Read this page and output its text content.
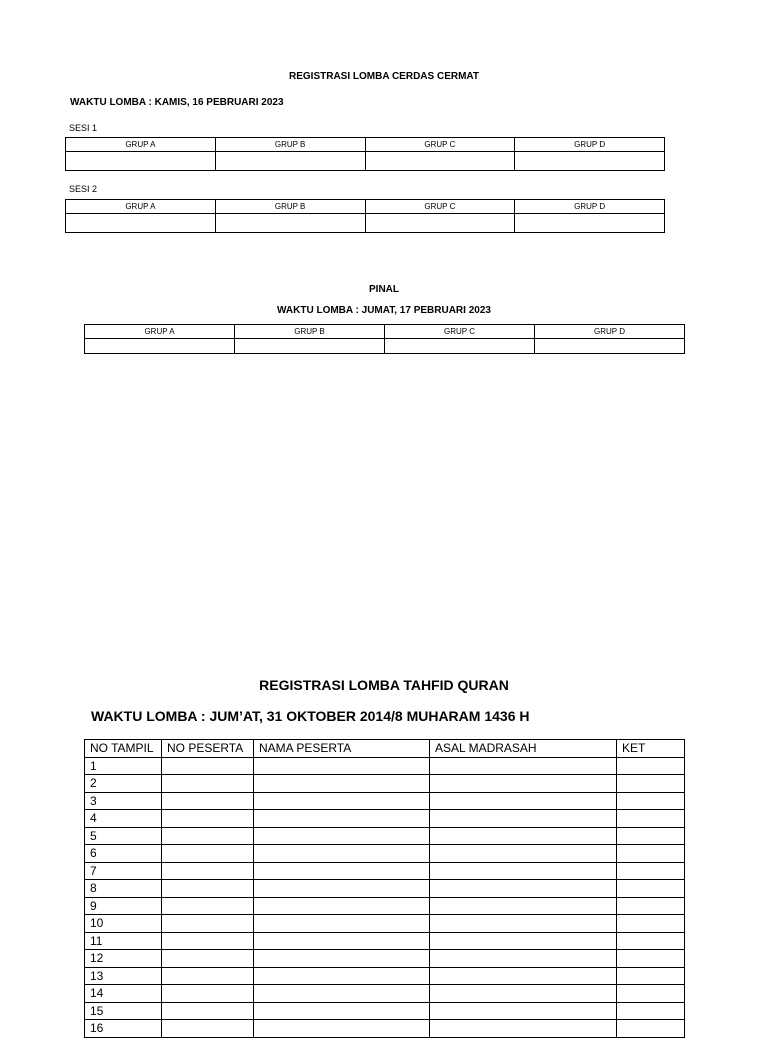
REGISTRASI LOMBA CERDAS CERMAT
WAKTU LOMBA : KAMIS, 16 PEBRUARI 2023
SESI 1
GRUP A	GRUP B	GRUP C	GRUP D

SESI 2
GRUP A	GRUP B	GRUP C	GRUP D

PINAL
WAKTU LOMBA : JUMAT, 17 PEBRUARI 2023
GRUP A	GRUP B	GRUP C	GRUP D

REGISTRASI LOMBA TAHFID QURAN
WAKTU LOMBA : JUM’AT, 31 OKTOBER 2014/8 MUHARAM 1436 H
NO TAMPIL	NO PESERTA	NAMA PESERTA	ASAL MADRASAH	KET
1				
2				
3				
4				
5				
6				
7				
8				
9				
10				
11				
12				
13				
14				
15				
16				
